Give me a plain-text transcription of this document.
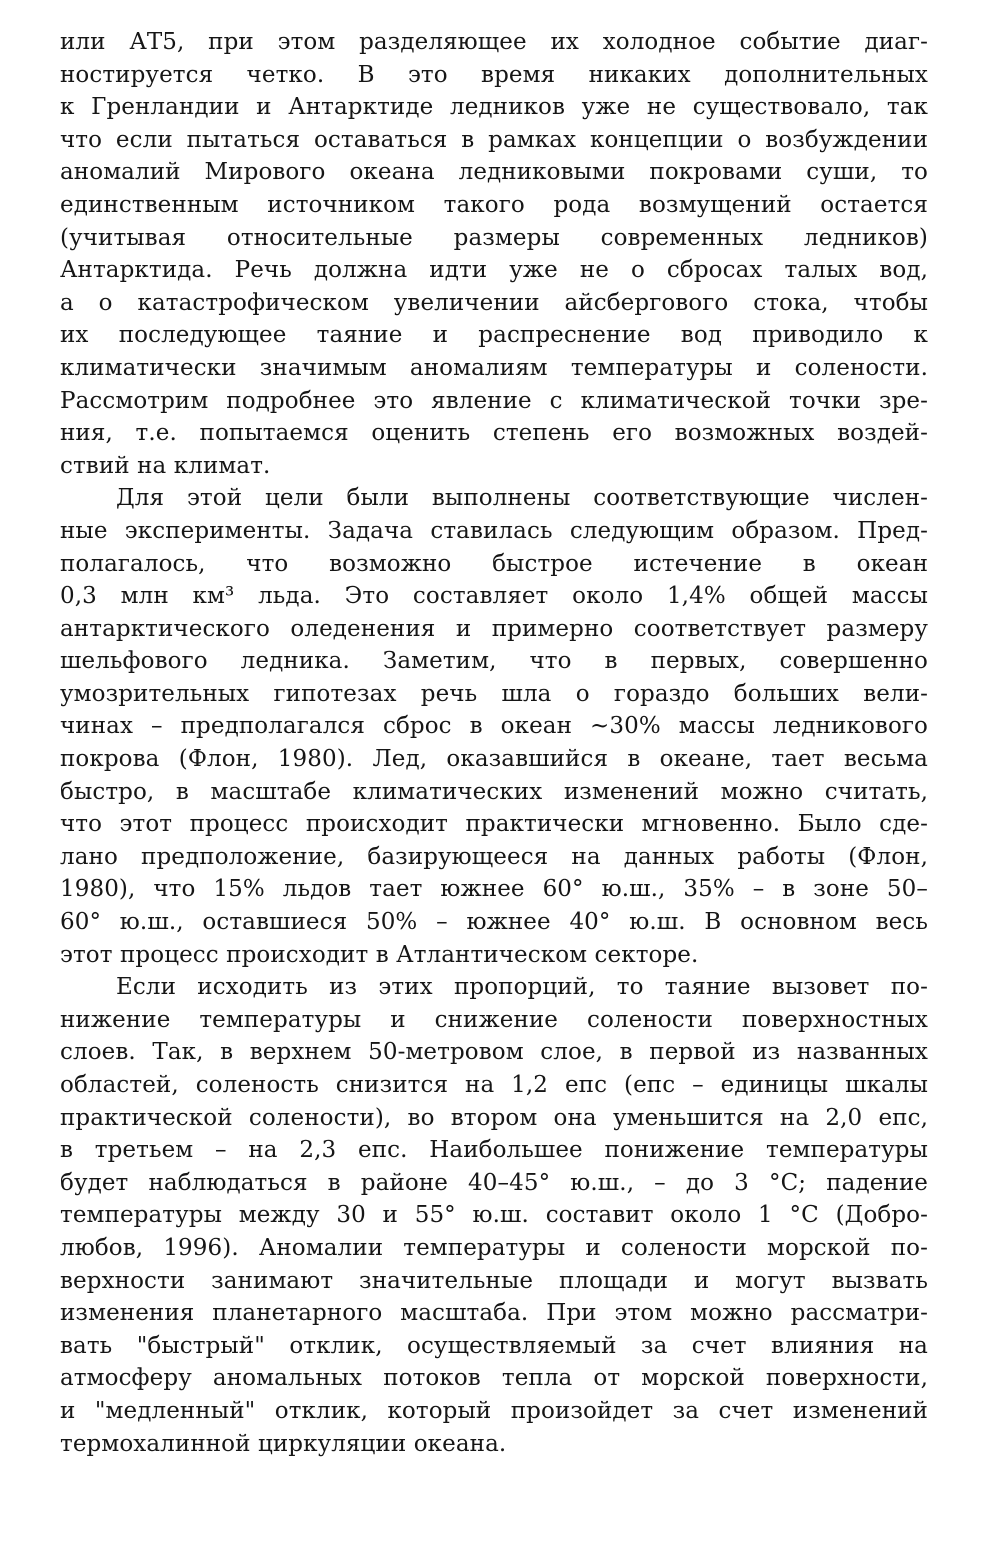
или АТ5, при этом разделяющее их холодное событие диаг-
ностируется четко. В это время никаких дополнительных
к Гренландии и Антарктиде ледников уже не существовало, так
что если пытаться оставаться в рамках концепции о возбуждении
аномалий Мирового океана ледниковыми покровами суши, то
единственным источником такого рода возмущений остается
(учитывая относительные размеры современных ледников)
Антарктида. Речь должна идти уже не о сбросах талых вод,
а о катастрофическом увеличении айсбергового стока, чтобы
их последующее таяние и распреснение вод приводило к
климатически значимым аномалиям температуры и солености.
Рассмотрим подробнее это явление с климатической точки зре-
ния, т.е. попытаемся оценить степень его возможных воздей-
ствий на климат.
Для этой цели были выполнены соответствующие числен-
ные эксперименты. Задача ставилась следующим образом. Пред-
полагалось, что возможно быстрое истечение в океан
0,3 млн км³ льда. Это составляет около 1,4% общей массы
антарктического оледенения и примерно соответствует размеру
шельфового ледника. Заметим, что в первых, совершенно
умозрительных гипотезах речь шла о гораздо больших вели-
чинах – предполагался сброс в океан ~30% массы ледникового
покрова (Флон, 1980). Лед, оказавшийся в океане, тает весьма
быстро, в масштабе климатических изменений можно считать,
что этот процесс происходит практически мгновенно. Было сде-
лано предположение, базирующееся на данных работы (Флон,
1980), что 15% льдов тает южнее 60° ю.ш., 35% – в зоне 50–
60° ю.ш., оставшиеся 50% – южнее 40° ю.ш. В основном весь
этот процесс происходит в Атлантическом секторе.
Если исходить из этих пропорций, то таяние вызовет по-
нижение температуры и снижение солености поверхностных
слоев. Так, в верхнем 50-метровом слое, в первой из названных
областей, соленость снизится на 1,2 епс (епс – единицы шкалы
практической солености), во втором она уменьшится на 2,0 епс,
в третьем – на 2,3 епс. Наибольшее понижение температуры
будет наблюдаться в районе 40–45° ю.ш., – до 3 °С; падение
температуры между 30 и 55° ю.ш. составит около 1 °С (Добро-
любов, 1996). Аномалии температуры и солености морской по-
верхности занимают значительные площади и могут вызвать
изменения планетарного масштаба. При этом можно рассматри-
вать "быстрый" отклик, осуществляемый за счет влияния на
атмосферу аномальных потоков тепла от морской поверхности,
и "медленный" отклик, который произойдет за счет изменений
термохалинной циркуляции океана.
